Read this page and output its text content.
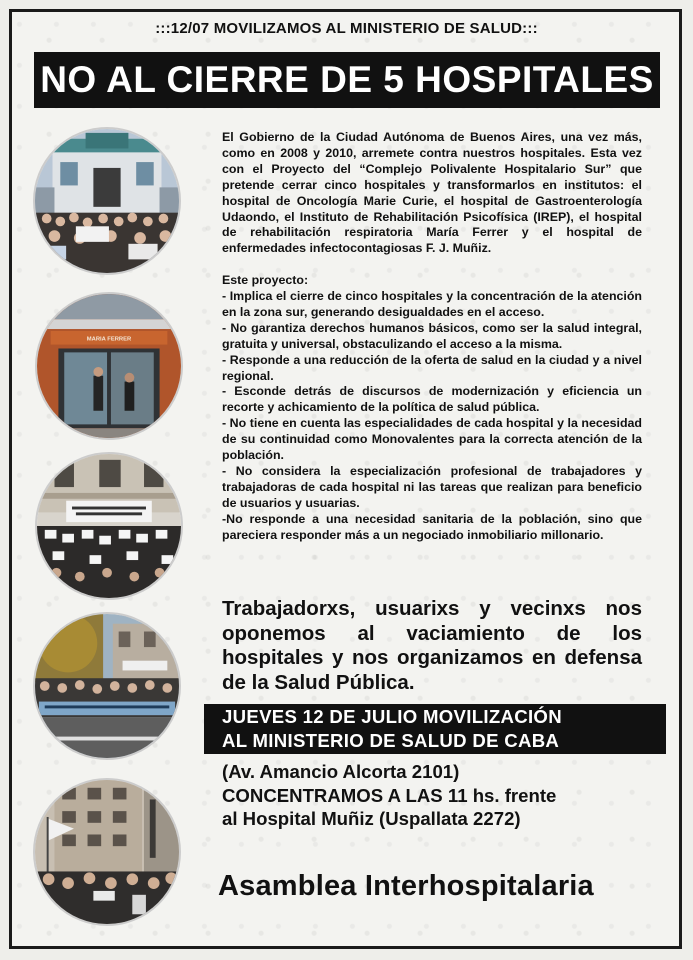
:::12/07 MOVILIZAMOS AL MINISTERIO DE SALUD:::
NO AL CIERRE DE 5 HOSPITALES
MARIA FERRER

El Gobierno de la Ciudad Autónoma de Buenos Aires, una vez más, como en 2008 y 2010, arremete contra nuestros hospitales. Esta vez con el Proyecto del “Complejo Polivalente Hospitalario Sur” que pretende cerrar cinco hospitales y transformarlos en institutos: el hospital de Oncología Marie Curie, el hospital de Gastroenterología Udaondo, el Instituto de Rehabilitación Psicofísica (IREP), el hospital de rehabilitación respiratoria María Ferrer y el hospital de enfermedades infectocontagiosas F. J. Muñiz.

Este proyecto:
- Implica el cierre de cinco hospitales y la concentración de la atención en la zona sur, generando desigualdades en el acceso.
- No garantiza derechos humanos básicos, como ser la salud integral, gratuita y universal, obstaculizando el acceso a la misma.
- Responde a una reducción de la oferta de salud en la ciudad y a nivel regional.
- Esconde detrás de discursos de modernización y eficiencia un recorte y achicamiento de la política de salud pública.
- No tiene en cuenta las especialidades de cada hospital y la necesidad de su continuidad como Monovalentes para la correcta atención de la población.
- No considera la especialización profesional de trabajadores y trabajadoras de cada hospital ni las tareas que realizan para beneficio de usuarios y usuarias.
-No responde a una necesidad sanitaria de la población, sino que pareciera responder más a un negociado inmobiliario millonario.
Trabajadorxs, usuarixs y vecinxs nos oponemos al vaciamiento de los hospitales y nos organizamos en defensa de la Salud Pública.
JUEVES 12 DE JULIO MOVILIZACIÓN
AL MINISTERIO DE SALUD DE CABA
(Av. Amancio Alcorta 2101)
CONCENTRAMOS A LAS 11 hs. frente
al Hospital Muñiz (Uspallata 2272)
Asamblea Interhospitalaria
